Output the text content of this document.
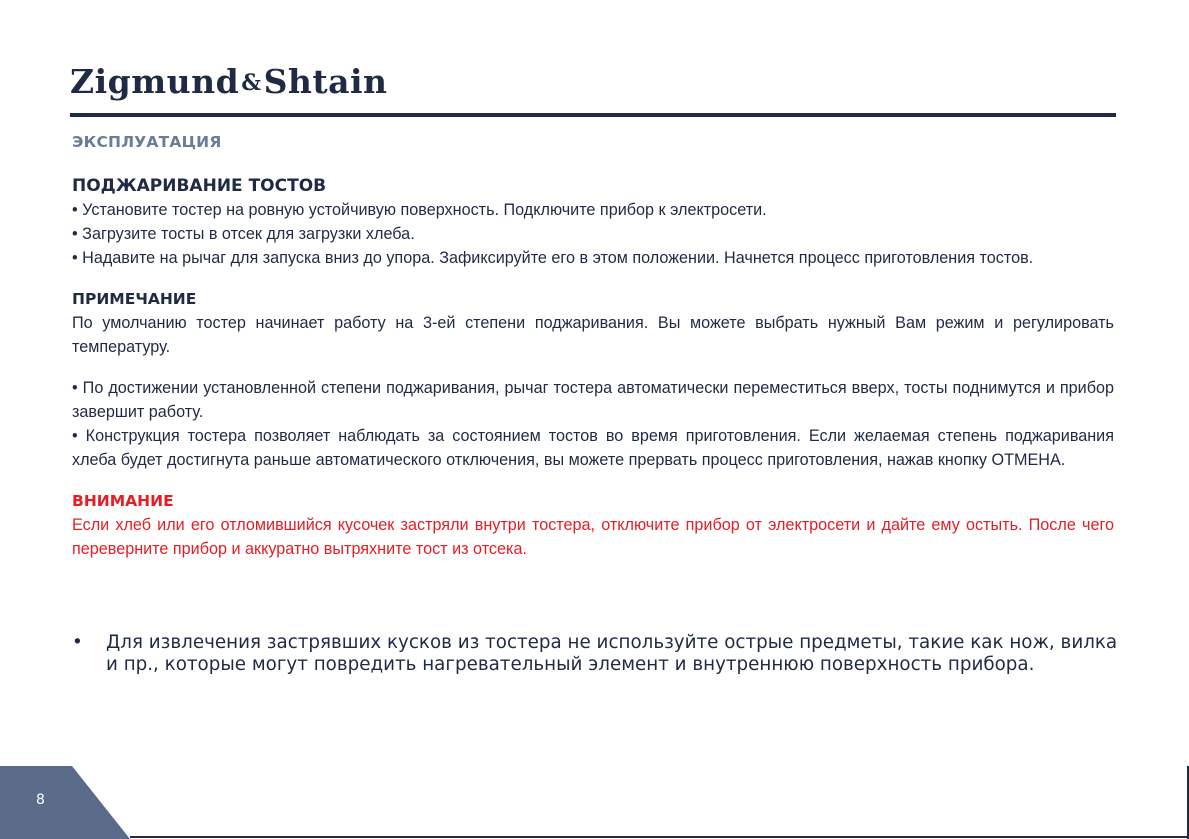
Zigmund&Shtain
ЭКСПЛУАТАЦИЯ
ПОДЖАРИВАНИЕ ТОСТОВ
• Установите тостер на ровную устойчивую поверхность. Подключите прибор к электросети.
• Загрузите тосты в отсек для загрузки хлеба.
• Надавите на рычаг для запуска вниз до упора. Зафиксируйте его в этом положении. Начнется процесс приготовления тостов.
ПРИМЕЧАНИЕ
По умолчанию тостер начинает работу на 3-ей степени поджаривания. Вы можете выбрать нужный Вам режим и регулировать температуру.
• По достижении установленной степени поджаривания, рычаг тостера автоматически переместиться вверх, тосты поднимутся и прибор завершит работу.
• Конструкция тостера позволяет наблюдать за состоянием тостов во время приготовления. Если желаемая степень поджаривания хлеба будет достигнута раньше автоматического отключения, вы можете прервать процесс приготовления, нажав кнопку ОТМЕНА.
ВНИМАНИЕ
Если хлеб или его отломившийся кусочек застряли внутри тостера, отключите прибор от электросети и дайте ему остыть. После чего переверните прибор и аккуратно вытряхните тост из отсека.
•	Для извлечения застрявших кусков из тостера не используйте острые предметы, такие как нож, вилка и пр., которые могут повредить нагревательный элемент и внутреннюю поверхность прибора.
8
